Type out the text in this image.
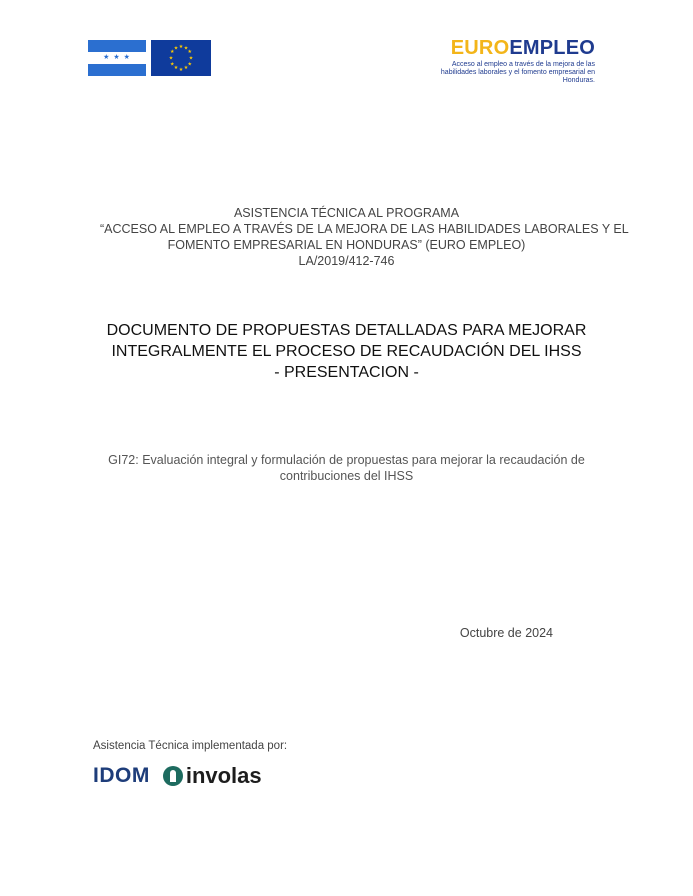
★ ★ ★
★ ★
★
★
★
★
★
★
★
★
★
★	EUROEMPLEO
Acceso al empleo a través de la mejora de las
habilidades laborales y el fomento empresarial en Honduras.
ASISTENCIA TÉCNICA AL PROGRAMA
“ACCESO AL EMPLEO A TRAVÉS DE LA MEJORA DE LAS HABILIDADES LABORALES Y EL
FOMENTO EMPRESARIAL EN HONDURAS” (EURO EMPLEO)
LA/2019/412-746
DOCUMENTO DE PROPUESTAS DETALLADAS PARA MEJORAR
INTEGRALMENTE EL PROCESO DE RECAUDACIÓN DEL IHSS
- PRESENTACION -
GI72: Evaluación integral y formulación de propuestas para mejorar la recaudación de
contribuciones del IHSS
Octubre de 2024
Asistencia Técnica implementada por:
IDOM involas
